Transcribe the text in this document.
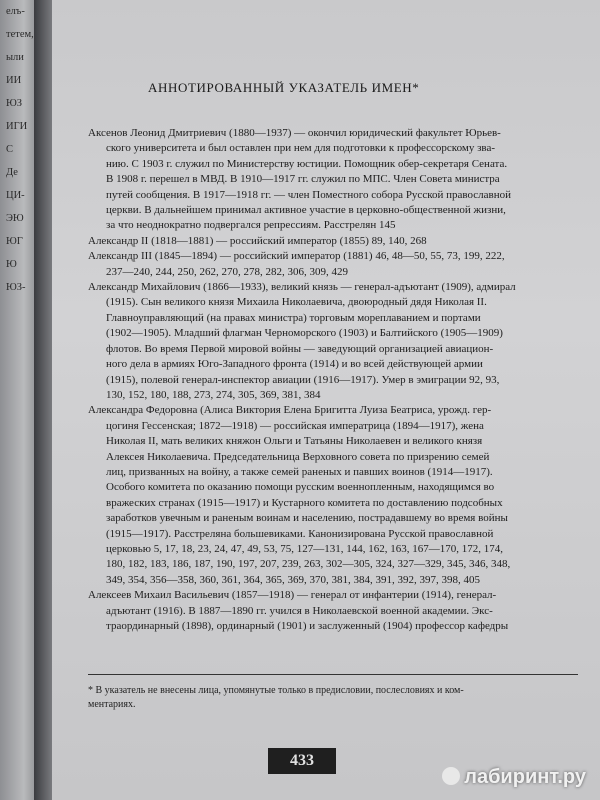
елъ-
тетем,
ыли
ИИ
ЮЗ
ИГИ
С
Де
ЦИ-
ЭЮ
ЮГ
Ю
ЮЗ-
АННОТИРОВАННЫЙ УКАЗАТЕЛЬ ИМЕН*
Аксенов Леонид Дмитриевич (1880—1937) — окончил юридический факультет Юрьев-
ского университета и был оставлен при нем для подготовки к профессорскому зва-
нию. С 1903 г. служил по Министерству юстиции. Помощник обер-секретаря Сената.
В 1908 г. перешел в МВД. В 1910—1917 гг. служил по МПС. Член Совета министра
путей сообщения. В 1917—1918 гг. — член Поместного собора Русской православной
церкви. В дальнейшем принимал активное участие в церковно-общественной жизни,
за что неоднократно подвергался репрессиям. Расстрелян 145
Александр II (1818—1881) — российский император (1855) 89, 140, 268
Александр III (1845—1894) — российский император (1881) 46, 48—50, 55, 73, 199, 222,
237—240, 244, 250, 262, 270, 278, 282, 306, 309, 429
Александр Михайлович (1866—1933), великий князь — генерал-адъютант (1909), адмирал
(1915). Сын великого князя Михаила Николаевича, двоюродный дядя Николая II.
Главноуправляющий (на правах министра) торговым мореплаванием и портами
(1902—1905). Младший флагман Черноморского (1903) и Балтийского (1905—1909)
флотов. Во время Первой мировой войны — заведующий организацией авиацион-
ного дела в армиях Юго-Западного фронта (1914) и во всей действующей армии
(1915), полевой генерал-инспектор авиации (1916—1917). Умер в эмиграции 92, 93,
130, 152, 180, 188, 273, 274, 305, 369, 381, 384
Александра Федоровна (Алиса Виктория Елена Бригитта Луиза Беатриса, урожд. гер-
цогиня Гессенская; 1872—1918) — российская императрица (1894—1917), жена
Николая II, мать великих княжон Ольги и Татьяны Николаевен и великого князя
Алексея Николаевича. Председательница Верховного совета по призрению семей
лиц, призванных на войну, а также семей раненых и павших воинов (1914—1917).
Особого комитета по оказанию помощи русским военнопленным, находящимся во
вражеских странах (1915—1917) и Кустарного комитета по доставлению подсобных
заработков увечным и раненым воинам и населению, пострадавшему во время войны
(1915—1917). Расстреляна большевиками. Канонизирована Русской православной
церковью 5, 17, 18, 23, 24, 47, 49, 53, 75, 127—131, 144, 162, 163, 167—170, 172, 174,
180, 182, 183, 186, 187, 190, 197, 207, 239, 263, 302—305, 324, 327—329, 345, 346, 348,
349, 354, 356—358, 360, 361, 364, 365, 369, 370, 381, 384, 391, 392, 397, 398, 405
Алексеев Михаил Васильевич (1857—1918) — генерал от инфантерии (1914), генерал-
адъютант (1916). В 1887—1890 гг. учился в Николаевской военной академии. Экс-
траординарный (1898), ординарный (1901) и заслуженный (1904) профессор кафедры
* В указатель не внесены лица, упомянутые только в предисловии, послесловиях и ком-
ментариях.
433
лабиринт.ру
